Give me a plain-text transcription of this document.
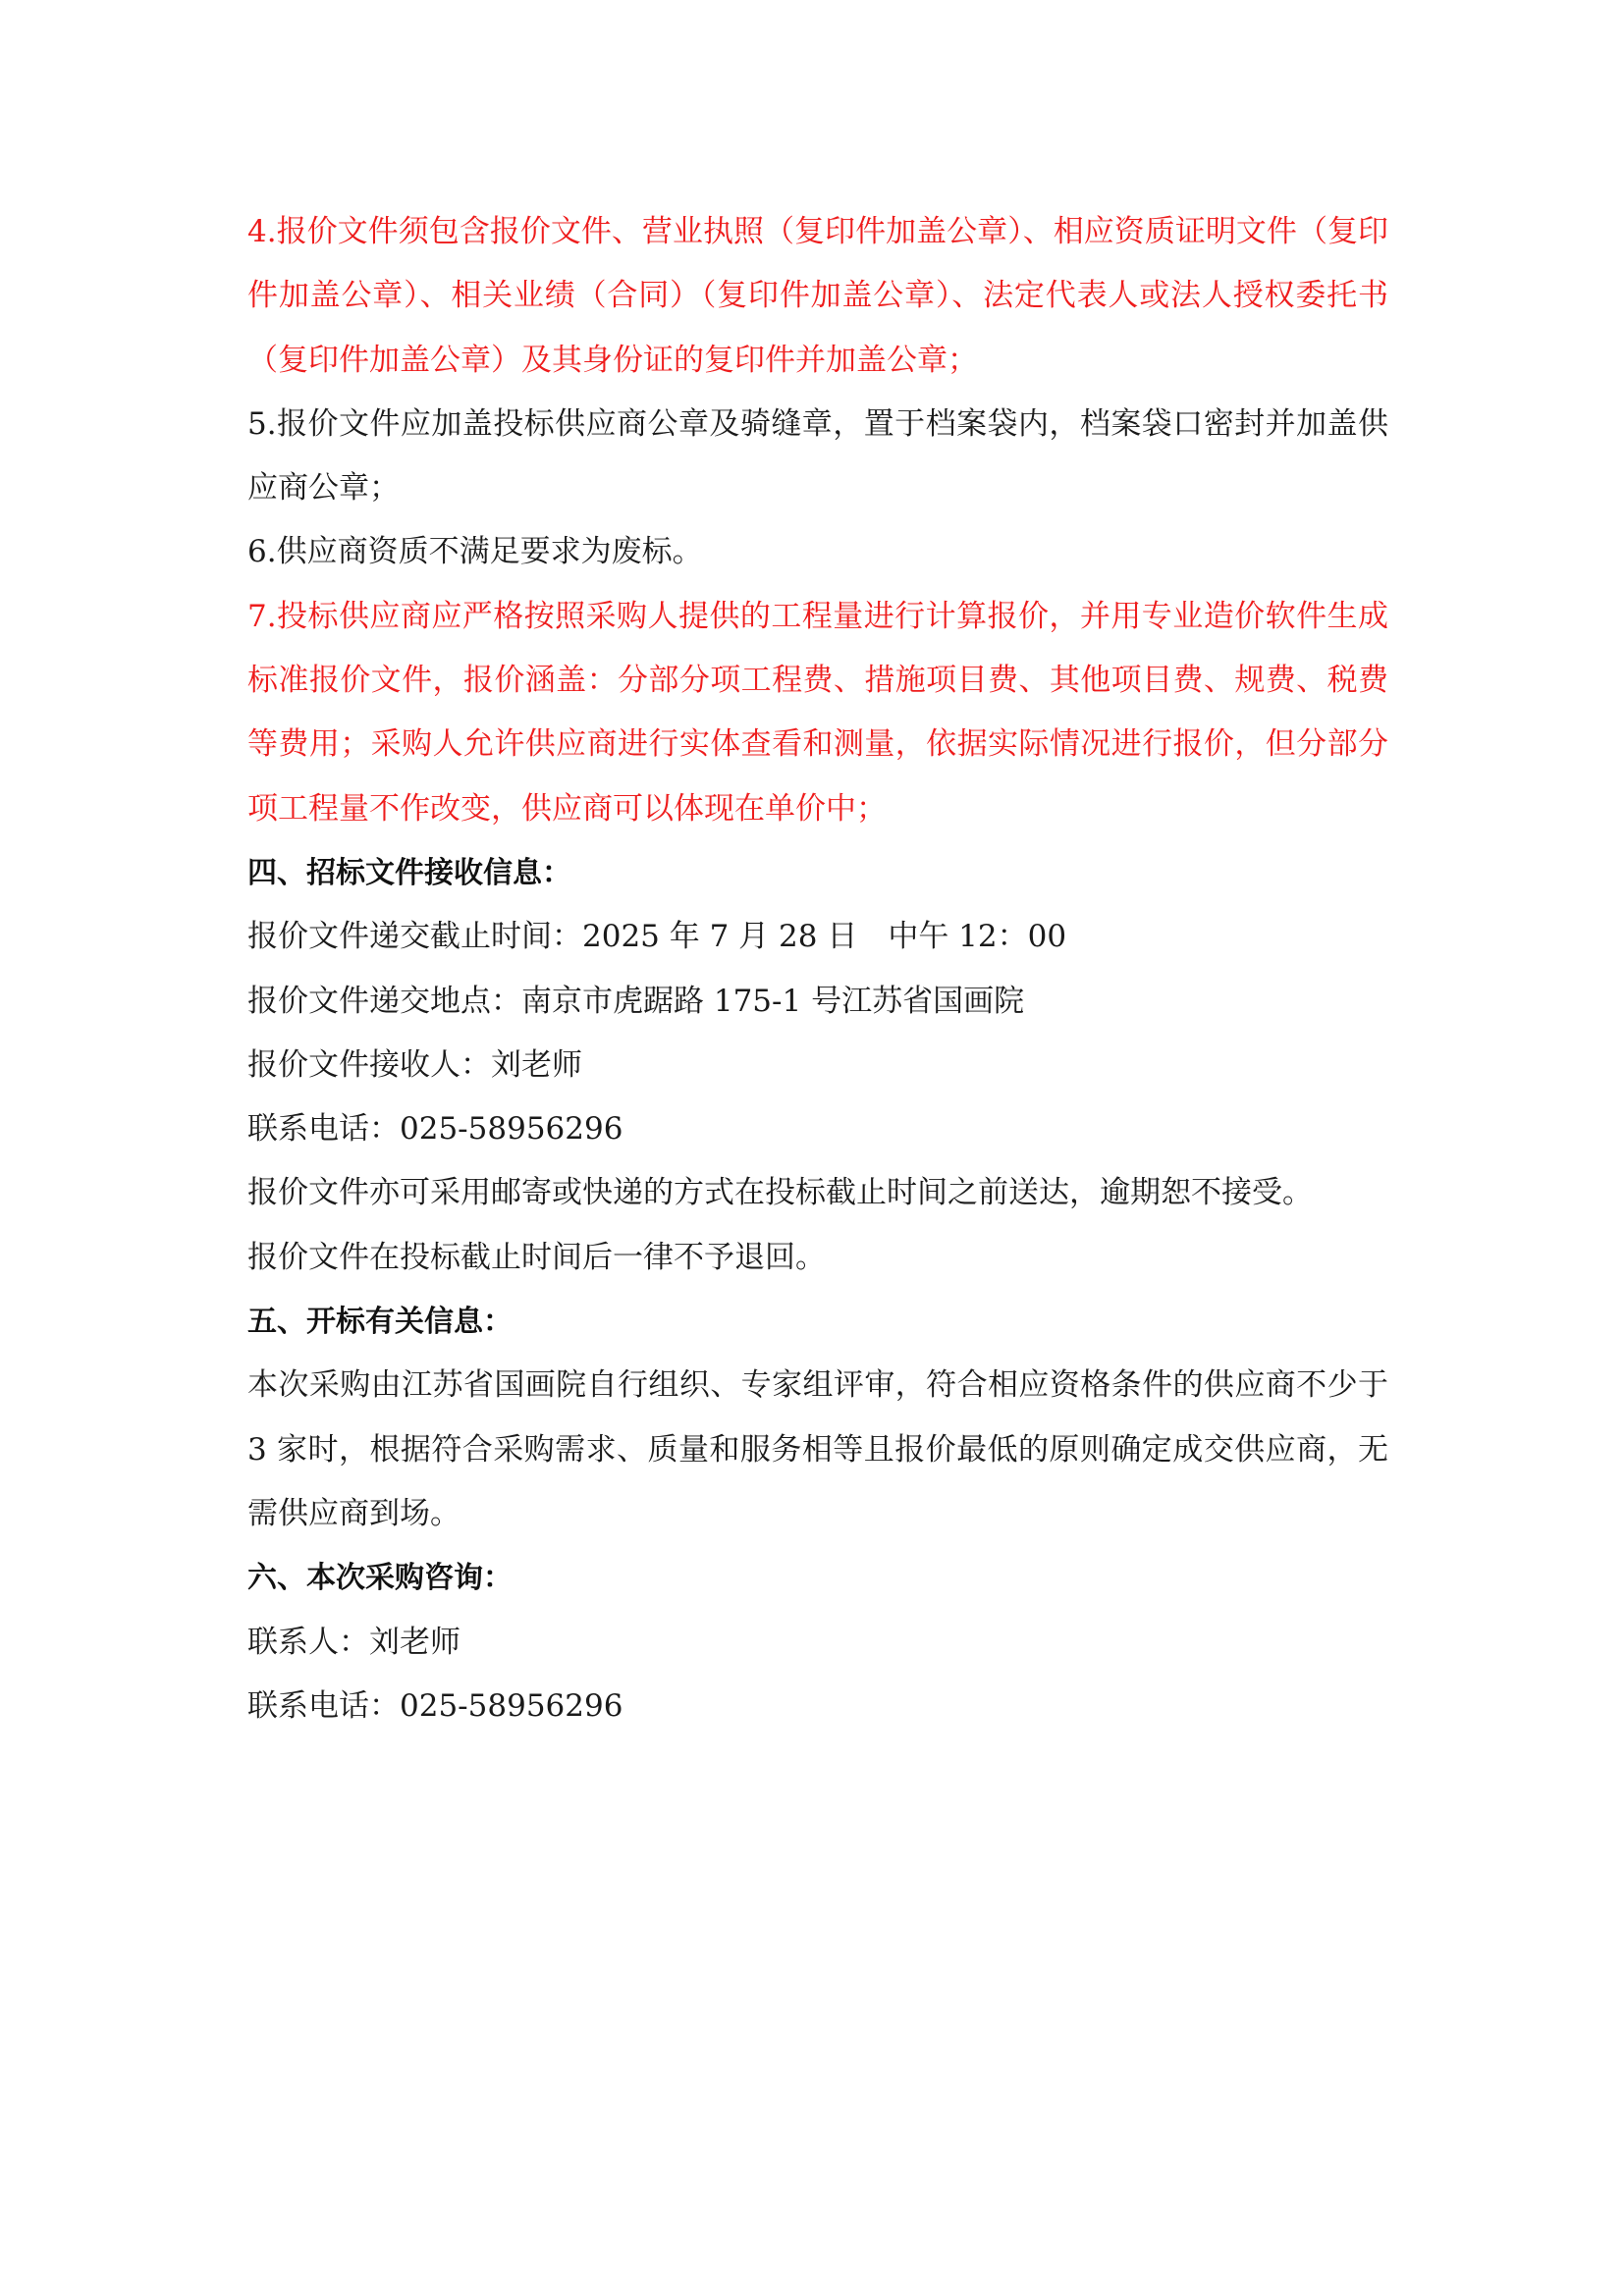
4.报价文件须包含报价文件、营业执照（复印件加盖公章）、相应资质证明文件（复印件加盖公章）、相关业绩（合同）（复印件加盖公章）、法定代表人或法人授权委托书（复印件加盖公章）及其身份证的复印件并加盖公章；

5.报价文件应加盖投标供应商公章及骑缝章，置于档案袋内，档案袋口密封并加盖供应商公章；

6.供应商资质不满足要求为废标。

7.投标供应商应严格按照采购人提供的工程量进行计算报价，并用专业造价软件生成标准报价文件，报价涵盖：分部分项工程费、措施项目费、其他项目费、规费、税费等费用；采购人允许供应商进行实体查看和测量，依据实际情况进行报价，但分部分项工程量不作改变，供应商可以体现在单价中；

四、招标文件接收信息：

报价文件递交截止时间：2025 年 7 月 28 日　中午 12：00

报价文件递交地点：南京市虎踞路 175-1 号江苏省国画院

报价文件接收人：刘老师

联系电话：025-58956296

报价文件亦可采用邮寄或快递的方式在投标截止时间之前送达，逾期恕不接受。

报价文件在投标截止时间后一律不予退回。

五、开标有关信息：

本次采购由江苏省国画院自行组织、专家组评审，符合相应资格条件的供应商不少于 3 家时，根据符合采购需求、质量和服务相等且报价最低的原则确定成交供应商，无需供应商到场。

六、本次采购咨询：

联系人：刘老师

联系电话：025-58956296
